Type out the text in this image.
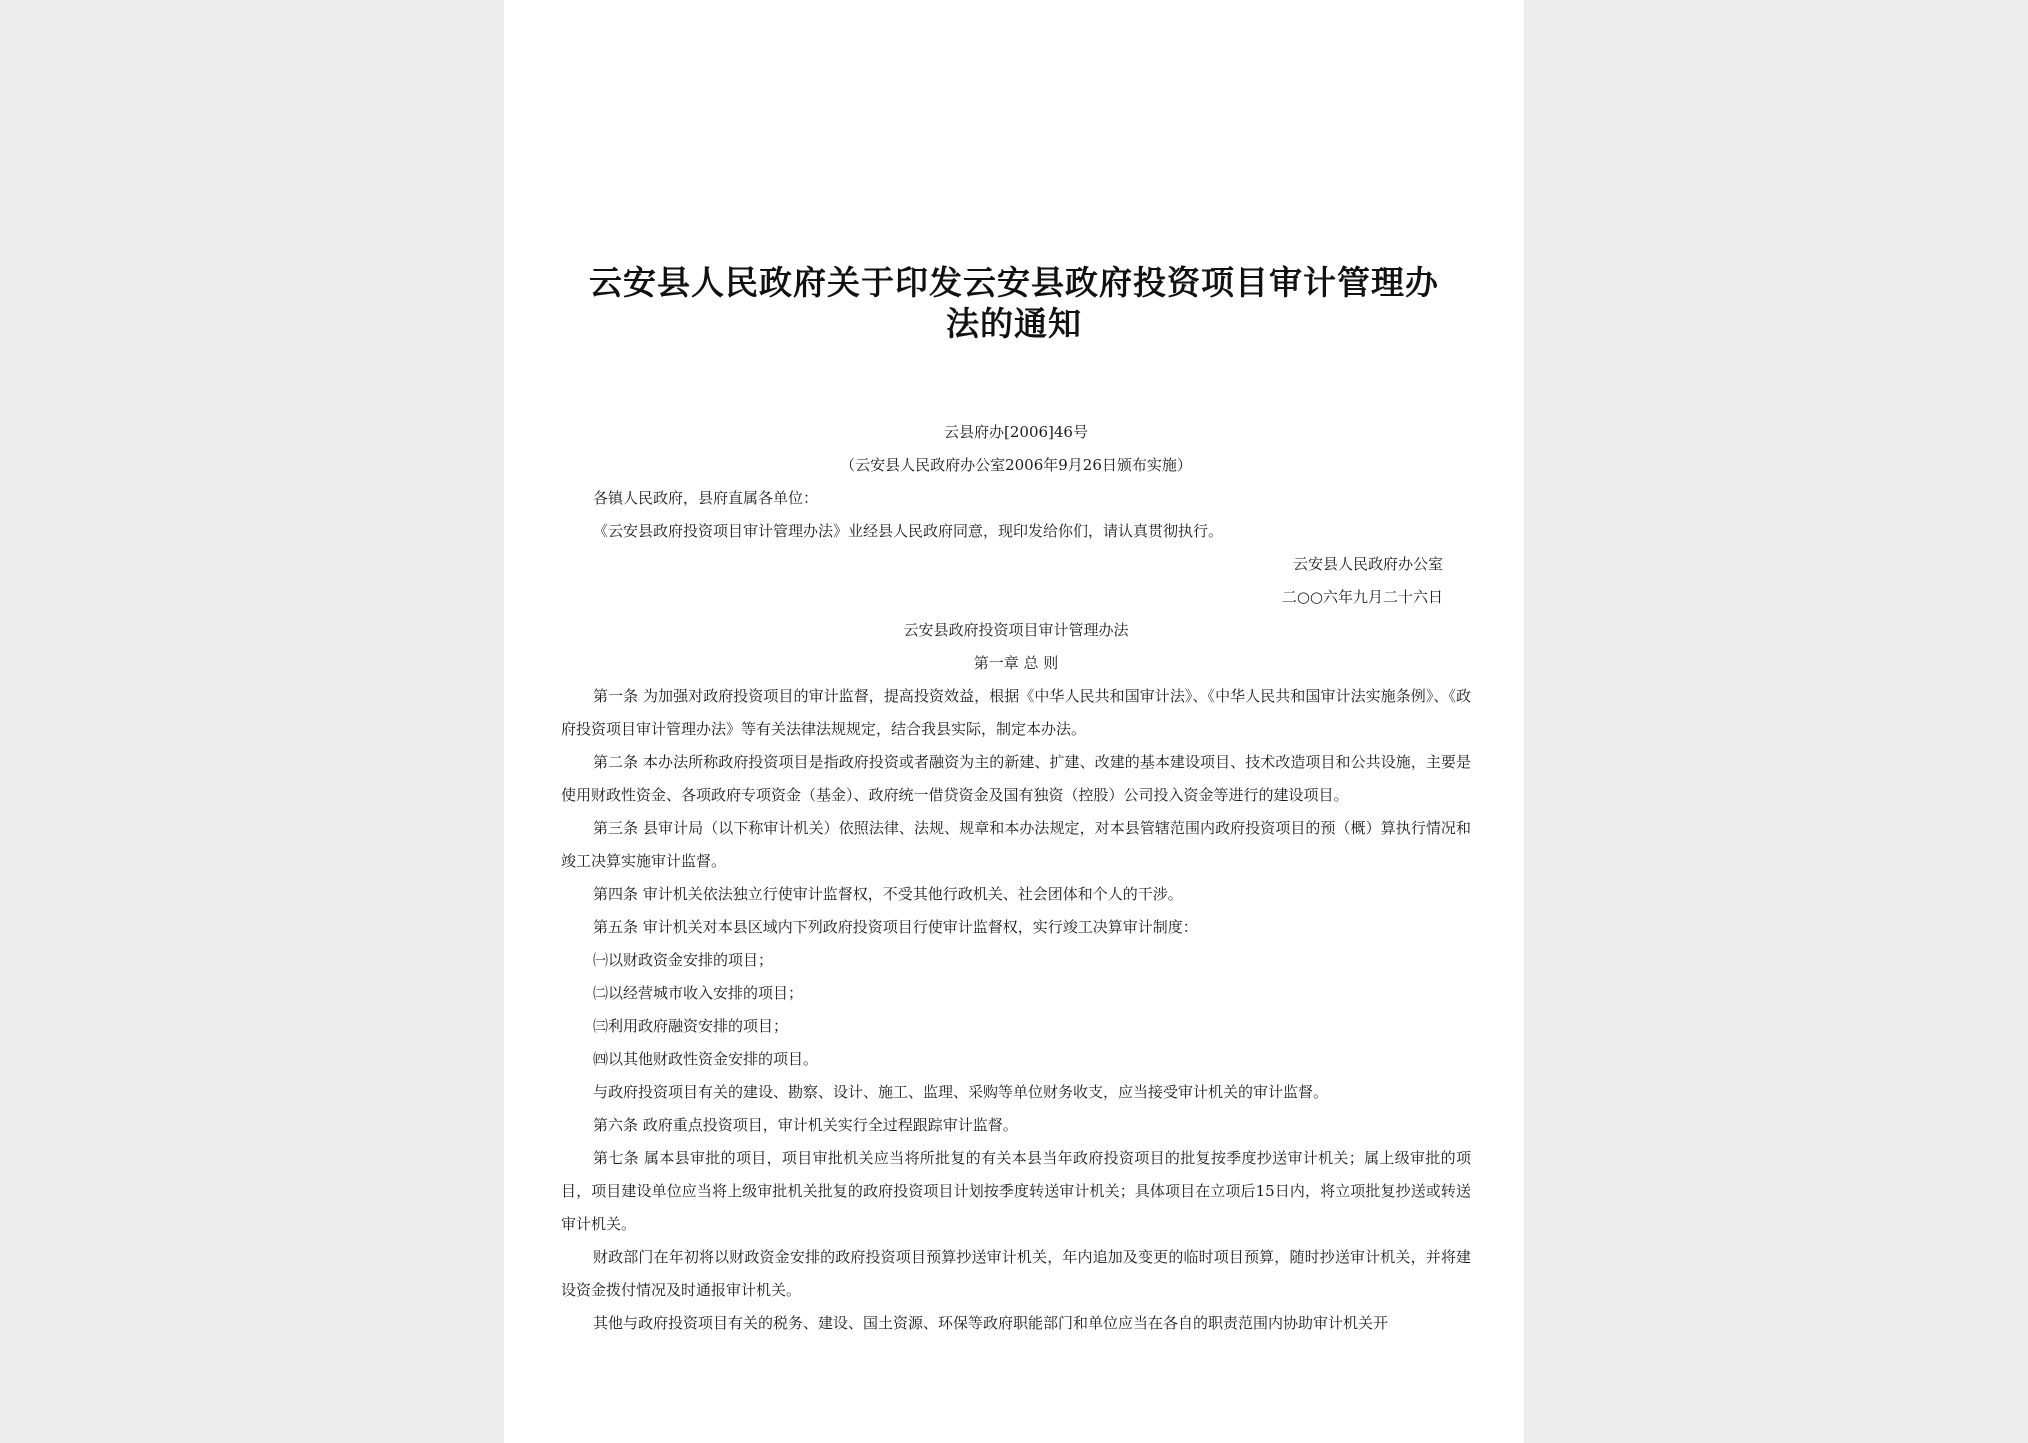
云安县人民政府关于印发云安县政府投资项目审计管理办法的通知

云县府办[2006]46号

（云安县人民政府办公室2006年9月26日颁布实施）

各镇人民政府，县府直属各单位：

《云安县政府投资项目审计管理办法》业经县人民政府同意，现印发给你们，请认真贯彻执行。

云安县人民政府办公室

二○○六年九月二十六日

云安县政府投资项目审计管理办法

第一章 总 则

第一条 为加强对政府投资项目的审计监督，提高投资效益，根据《中华人民共和国审计法》、《中华人民共和国审计法实施条例》、《政府投资项目审计管理办法》等有关法律法规规定，结合我县实际，制定本办法。

第二条 本办法所称政府投资项目是指政府投资或者融资为主的新建、扩建、改建的基本建设项目、技术改造项目和公共设施，主要是使用财政性资金、各项政府专项资金（基金）、政府统一借贷资金及国有独资（控股）公司投入资金等进行的建设项目。

第三条 县审计局（以下称审计机关）依照法律、法规、规章和本办法规定，对本县管辖范围内政府投资项目的预（概）算执行情况和竣工决算实施审计监督。

第四条 审计机关依法独立行使审计监督权，不受其他行政机关、社会团体和个人的干涉。

第五条 审计机关对本县区域内下列政府投资项目行使审计监督权，实行竣工决算审计制度：

㈠以财政资金安排的项目；

㈡以经营城市收入安排的项目；

㈢利用政府融资安排的项目；

㈣以其他财政性资金安排的项目。

与政府投资项目有关的建设、勘察、设计、施工、监理、采购等单位财务收支，应当接受审计机关的审计监督。

第六条 政府重点投资项目，审计机关实行全过程跟踪审计监督。

第七条 属本县审批的项目，项目审批机关应当将所批复的有关本县当年政府投资项目的批复按季度抄送审计机关；属上级审批的项目，项目建设单位应当将上级审批机关批复的政府投资项目计划按季度转送审计机关；具体项目在立项后15日内，将立项批复抄送或转送审计机关。

财政部门在年初将以财政资金安排的政府投资项目预算抄送审计机关，年内追加及变更的临时项目预算，随时抄送审计机关，并将建设资金拨付情况及时通报审计机关。

其他与政府投资项目有关的税务、建设、国土资源、环保等政府职能部门和单位应当在各自的职责范围内协助审计机关开
